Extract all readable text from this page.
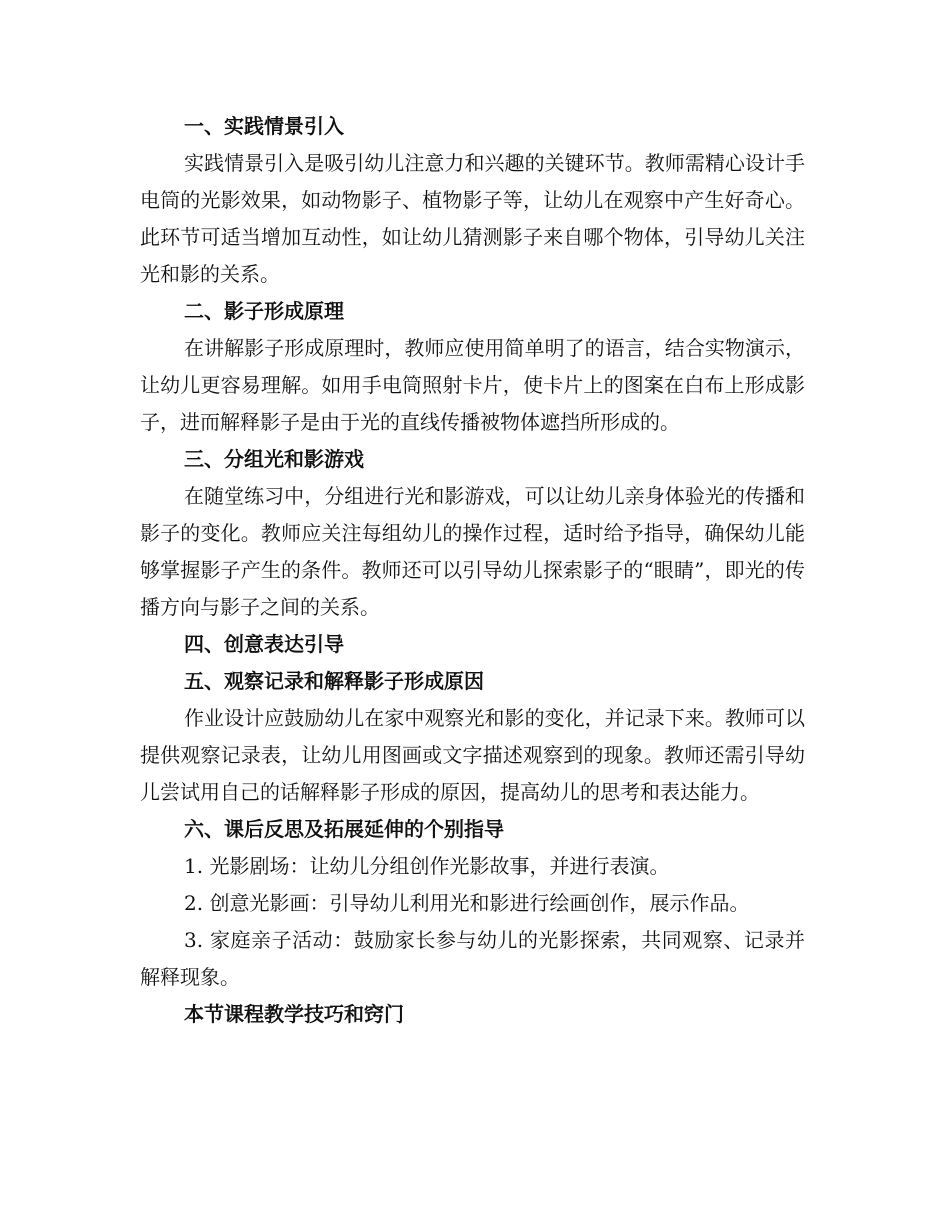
一、实践情景引入

实践情景引入是吸引幼儿注意力和兴趣的关键环节。教师需精心设计手电筒的光影效果，如动物影子、植物影子等，让幼儿在观察中产生好奇心。此环节可适当增加互动性，如让幼儿猜测影子来自哪个物体，引导幼儿关注光和影的关系。

二、影子形成原理

在讲解影子形成原理时，教师应使用简单明了的语言，结合实物演示，让幼儿更容易理解。如用手电筒照射卡片，使卡片上的图案在白布上形成影子，进而解释影子是由于光的直线传播被物体遮挡所形成的。

三、分组光和影游戏

在随堂练习中，分组进行光和影游戏，可以让幼儿亲身体验光的传播和影子的变化。教师应关注每组幼儿的操作过程，适时给予指导，确保幼儿能够掌握影子产生的条件。教师还可以引导幼儿探索影子的“眼睛”，即光的传播方向与影子之间的关系。

四、创意表达引导
五、观察记录和解释影子形成原因

作业设计应鼓励幼儿在家中观察光和影的变化，并记录下来。教师可以提供观察记录表，让幼儿用图画或文字描述观察到的现象。教师还需引导幼儿尝试用自己的话解释影子形成的原因，提高幼儿的思考和表达能力。

六、课后反思及拓展延伸的个别指导

1. 光影剧场：让幼儿分组创作光影故事，并进行表演。

2. 创意光影画：引导幼儿利用光和影进行绘画创作，展示作品。

3. 家庭亲子活动：鼓励家长参与幼儿的光影探索，共同观察、记录并解释现象。

本节课程教学技巧和窍门
